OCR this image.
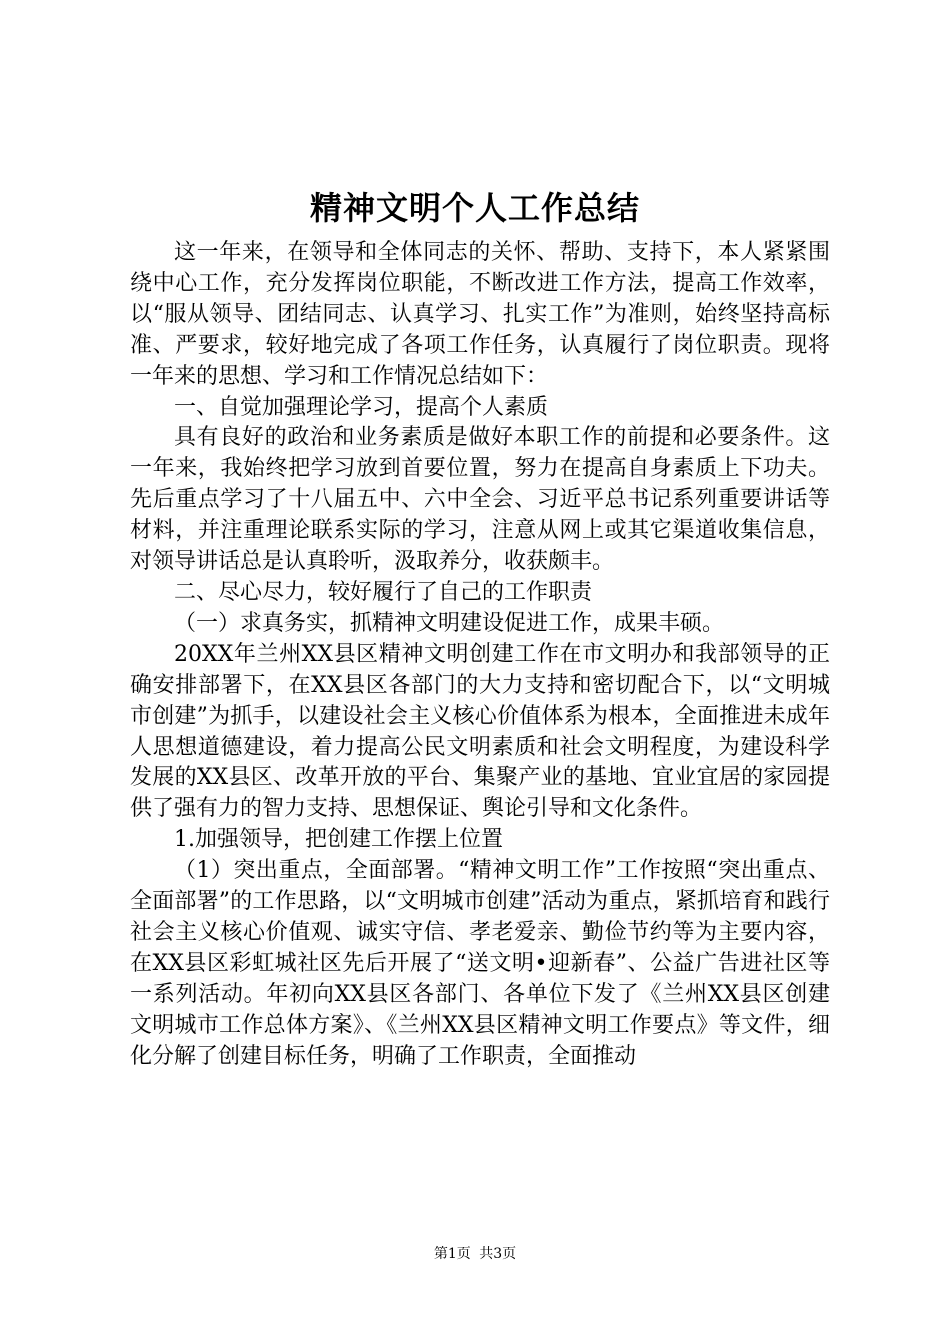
精神文明个人工作总结

这一年来，在领导和全体同志的关怀、帮助、支持下，本人紧紧围绕中心工作，充分发挥岗位职能，不断改进工作方法，提高工作效率，以“服从领导、团结同志、认真学习、扎实工作”为准则，始终坚持高标准、严要求，较好地完成了各项工作任务，认真履行了岗位职责。现将一年来的思想、学习和工作情况总结如下：

一、自觉加强理论学习，提高个人素质

具有良好的政治和业务素质是做好本职工作的前提和必要条件。这一年来，我始终把学习放到首要位置，努力在提高自身素质上下功夫。先后重点学习了十八届五中、六中全会、习近平总书记系列重要讲话等材料，并注重理论联系实际的学习，注意从网上或其它渠道收集信息，对领导讲话总是认真聆听，汲取养分，收获颇丰。

二、尽心尽力，较好履行了自己的工作职责

（一）求真务实，抓精神文明建设促进工作，成果丰硕。

20XX年兰州XX县区精神文明创建工作在市文明办和我部领导的正确安排部署下，在XX县区各部门的大力支持和密切配合下，以“文明城市创建”为抓手，以建设社会主义核心价值体系为根本，全面推进未成年人思想道德建设，着力提高公民文明素质和社会文明程度，为建设科学发展的XX县区、改革开放的平台、集聚产业的基地、宜业宜居的家园提供了强有力的智力支持、思想保证、舆论引导和文化条件。

1.加强领导，把创建工作摆上位置

（1）突出重点，全面部署。“精神文明工作”工作按照“突出重点、全面部署”的工作思路，以“文明城市创建”活动为重点，紧抓培育和践行社会主义核心价值观、诚实守信、孝老爱亲、勤俭节约等为主要内容，在XX县区彩虹城社区先后开展了“送文明•迎新春”、公益广告进社区等一系列活动。年初向XX县区各部门、各单位下发了《兰州XX县区创建文明城市工作总体方案》、《兰州XX县区精神文明工作要点》等文件，细化分解了创建目标任务，明确了工作职责，全面推动

第1页 共3页
